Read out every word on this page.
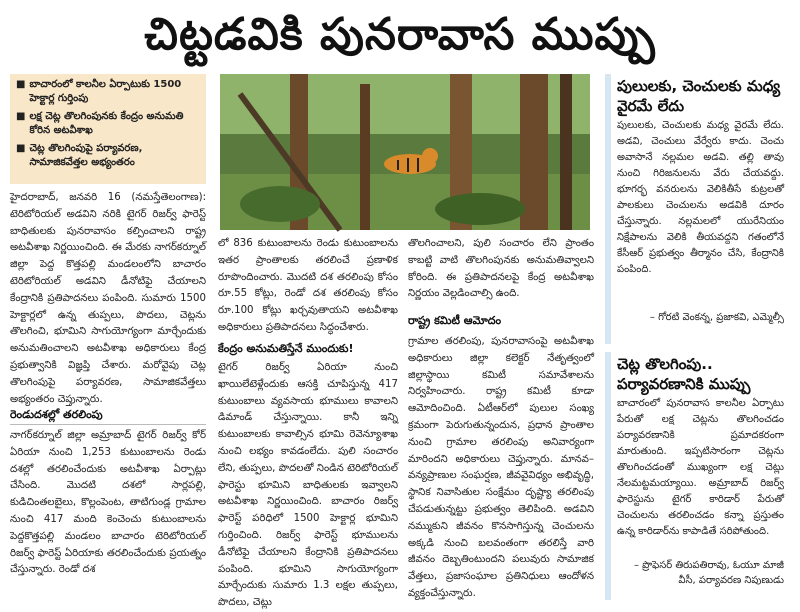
చిట్టడవికి పునరావాస ముప్పు
■ బాచారంలో కాలనీల ఏర్పాటుకు 1500 హెక్టార్ల గుర్తింపు
■ లక్ష చెట్ల తొలగింపునకు కేంద్రం అనుమతి కోరిన అటవీశాఖ
■ చెట్ల తొలగింపుపై పర్యావరణ, సామాజికవేత్తల అభ్యంతరం

హైదరాబాద్, జనవరి 16 (నమస్తేతెలంగాణ): టెరిటోరియల్ అడవిని నరికి టైగర్ రిజర్వ్ ఫారెస్ట్ బాధితులకు పునరావాసం కల్పించాలని రాష్ట్ర అటవీశాఖ నిర్ణయించింది. ఈ మేరకు నాగర్‌కర్నూల్ జిల్లా పెద్ద కొత్తపల్లి మండలంలోని బాచారం టెరిటోరియల్ అడవిని డీనోటిఫై చేయాలని కేంద్రానికి ప్రతిపాదనలు పంపింది. సుమారు 1500 హెక్టార్లలో ఉన్న తుప్పలు, పొదలు, చెట్లను తొలగించి, భూమిని సాగుయోగ్యంగా మార్చేందుకు అనుమతించాలని అటవీశాఖ అధికారులు కేంద్ర ప్రభుత్వానికి విజ్ఞప్తి చేశారు. మరోవైపు చెట్ల తొలగింపుపై పర్యావరణ, సామాజికవేత్తలు అభ్యంతరం చెప్తున్నారు.

రెండుదశల్లో తరలింపు

నాగర్‌కర్నూల్ జిల్లా అమ్రాబాద్ టైగర్ రిజర్వ్ కోర్ ఏరియా నుంచి 1,253 కుటుంబాలను రెండు దశల్లో తరలించేందుకు అటవీశాఖ ఏర్పాట్లు చేసింది. మొదటి దశలో సార్లపల్లి, కుడిచింతలబైలు, కొల్లంపెంట, తాటిగుండ్ల గ్రామాల నుంచి 417 మంది కెంచెంచు కుటుంబాలను పెద్దకొత్తపల్లి మండలం బాచారం టెరిటోరియల్ రిజర్వ్ ఫారెస్ట్ ఏరియాకు తరలించేందుకు ప్రయత్నం చేస్తున్నారు. రెండో దశ

లో 836 కుటుంబాలను రెండు కుటుంబాలను ఇతర ప్రాంతాలకు తరలించే ప్రణాళిక రూపొందించారు. మొదటి దశ తరలింపు కోసం రూ.55 కోట్లు, రెండో దశ తరలింపు కోసం రూ.100 కోట్లు ఖర్చవుతాయని అటవీశాఖ అధికారులు ప్రతిపాదనలు సిద్ధంచేశారు.

కేంద్రం అనుమతిస్తేనే ముందుకు!

టైగర్ రిజర్వ్ ఏరియా నుంచి ఖాయిలేటెళ్లేందుకు ఆసక్తి చూపిస్తున్న 417 కుటుంబాలు వ్యవసాయ భూములు కావాలని డిమాండ్ చేస్తున్నాయి. కానీ ఇన్ని కుటుంబాలకు కావాల్సిన భూమి రెవెన్యూశాఖ నుంచి లభ్యం కావడంలేదు. పులి సంచారం లేని, తుప్పలు, పొదలతో నిండిన టెరిటోరియల్ ఫారెస్టు భూమిని బాధితులకు ఇవ్వాలని అటవీశాఖ నిర్ణయించింది. బాచారం రిజర్వ్ ఫారెస్ట్ పరిధిలో 1500 హెక్టార్ల భూమిని గుర్తించింది. రిజర్వ్ ఫారెస్ట్ భూములను డీనోటిఫై చేయాలని కేంద్రానికి ప్రతిపాదనలు పంపింది. భూమిని సాగుయోగ్యంగా మార్చేందుకు సుమారు 1.3 లక్షల తుప్పలు, పొదలు, చెట్లు

తొలగించాలని, పులి సంచారం లేని ప్రాంతం కాబట్టి వాటి తొలగింపునకు అనుమతివ్వాలని కోరింది. ఈ ప్రతిపాదనలపై కేంద్ర అటవీశాఖ నిర్ణయం వెల్లడించాల్సి ఉంది.

రాష్ట్ర కమిటీ ఆమోదం

గ్రామాల తరలింపు, పునరావాసంపై అటవీశాఖ అధికారులు జిల్లా కలెక్టర్ నేతృత్వంలో జిల్లాస్థాయి కమిటీ సమావేశాలను నిర్వహించారు. రాష్ట్ర కమిటీ కూడా ఆమోదించింది. ఏటీఆర్‌లో పులుల సంఖ్య క్రమంగా పెరుగుతున్నందున, ప్రధాన ప్రాంతాల నుంచి గ్రామాల తరలింపు అనివార్యంగా మారిందని అధికారులు చెప్తున్నారు. మానవ–వన్యప్రాణుల సంఘర్షణ, జీవవైవిధ్యం అభివృద్ధి, స్థానిక నివాసితుల సంక్షేమం దృష్ట్యా తరలింపు చేపడుతున్నట్టు ప్రభుత్వం తెలిపింది. అడవిని నమ్ముకుని జీవనం కొనసాగిస్తున్న చెంచులను అక్కడి నుంచి బలవంతంగా తరలిస్తే వారి జీవనం దెబ్బతింటుందని పలువురు సామాజిక వేత్తలు, ప్రజాసంఘాల ప్రతినిధులు ఆందోళన వ్యక్తంచేస్తున్నారు.

పులులకు, చెంచులకు మధ్య వైరమే లేదు
పులులకు, చెంచులకు మధ్య వైరమే లేదు. అడవి, చెంచులు వేర్వేరు కాదు. చెంచు అవాసానే నల్లమల అడవి. తల్లి తావు నుంచి గిరిజనులను వేరు చేయవద్దు. భూగర్భ వనరులను వెలికితీసే కుట్రలతో పాలకులు చెంచులను అడవికి దూరం చేస్తున్నారు. నల్లమలలో యురేనియం నిక్షేపాలను వెలికి తీయవద్దని గతంలోనే కేసీఆర్ ప్రభుత్వం తీర్మానం చేసి, కేంద్రానికి పంపింది.
– గోరటి వెంకన్న, ప్రజాకవి, ఎమ్మెల్సీ
చెట్ల తొలగింపు.. పర్యావరణానికి ముప్పు
బాచారంలో పునరావాస కాలనీల ఏర్పాటు పేరుతో లక్ష చెట్లను తొలగించడం పర్యావరణానికి ప్రమాదకరంగా మారుతుంది. ఇప్పటిసారంగా చెట్లను తొలగించడంతో ముఖ్యంగా లక్ష చెట్లు నేలమట్టమయ్యాయి. అమ్రాబాద్ రిజర్వ్ ఫారెస్టును టైగర్ కారిడార్ పేరుతో చెంచులను తరలించడం కన్నా ప్రస్తుతం ఉన్న కారిడార్‌ను కాపాడితే సరిపోతుంది.
– ప్రొఫెసర్ తిరుపతిరావు, ఓయూ మాజీ వీసీ, పర్యావరణ నిపుణుడు
